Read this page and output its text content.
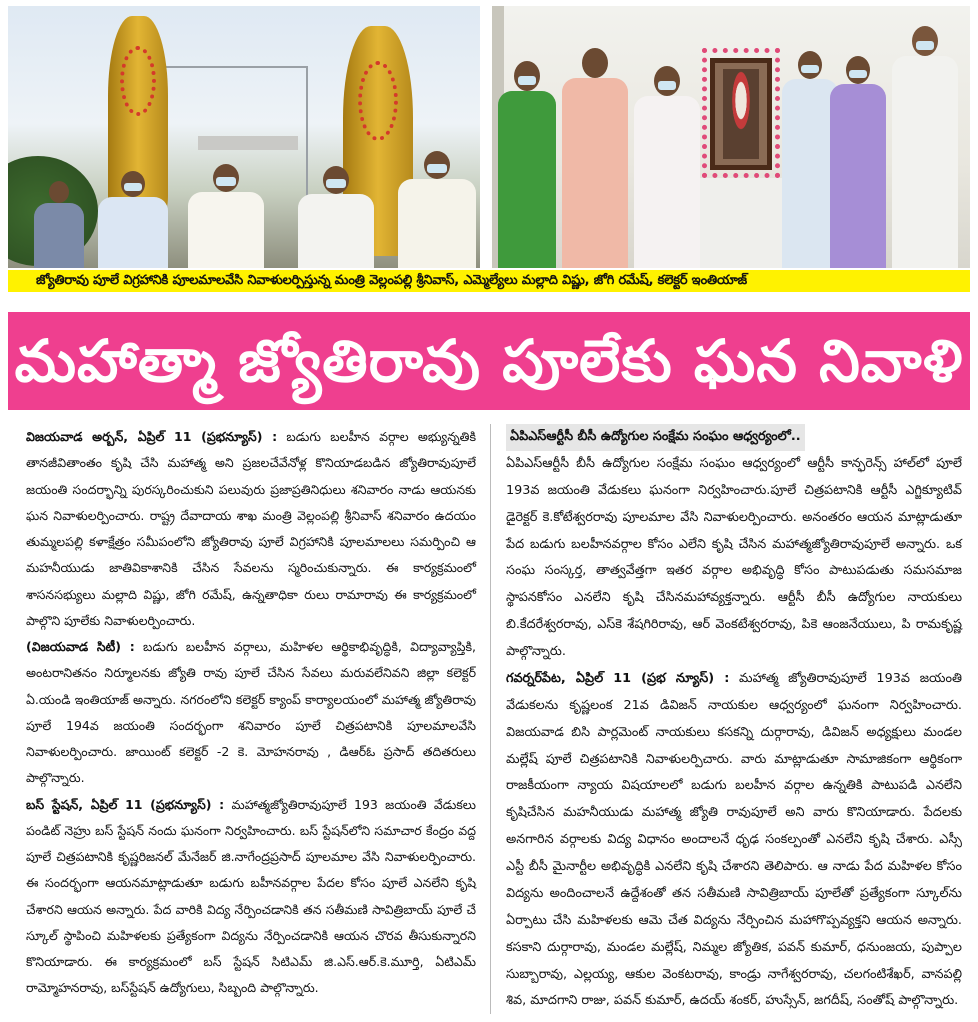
జ్యోతిరావు పూలే విగ్రహానికి పూలమాలవేసి నివాళులర్పిస్తున్న మంత్రి వెల్లంపల్లి శ్రీనివాస్, ఎమ్మెల్యేలు మల్లాది విష్ణు, జోగి రమేష్, కలెక్టర్ ఇంతియాజ్
మహాత్మా జ్యోతిరావు పూలేకు ఘన నివాళి

విజయవాడ అర్బన్, ఏప్రిల్ 11 (ప్రభన్యూస్) : బడుగు బలహీన వర్గాల అభ్యున్నతికి తానజీవితాంతం కృషి చేసి మహాత్మ అని ప్రజలచేవేనోళ్ల కొనియాడబడిన జ్యోతిరావుపూలే జయంతి సందర్భాన్ని పురస్కరించుకుని పలువురు ప్రజాప్రతినిధులు శనివారం నాడు ఆయనకు ఘన నివాళులర్పించారు. రాష్ట్ర దేవాదాయ శాఖ మంత్రి వెల్లంపల్లి శ్రీనివాస్ శనివారం ఉదయం తుమ్మలపల్లి కళాక్షేత్రం సమీపంలోని జ్యోతిరావు పూలే విగ్రహానికి పూలమాలలు సమర్పించి ఆ మహనీయుడు జాతివికాశానికి చేసిన సేవలను స్మరించుకున్నారు. ఈ కార్యక్రమంలో శాసనసభ్యులు మల్లాది విష్ణు, జోగి రమేష్, ఉన్నతాధికా రులు రామారావు ఈ కార్యక్రమంలో పాల్గొని పూలేకు నివాళులర్పించారు.

(విజయవాడ సిటీ) : బడుగు బలహీన వర్గాలు, మహిళల ఆర్థికాభివృద్ధికి, విద్యావ్యాప్తికి, అంటరానితనం నిర్మూలనకు జ్యోతి రావు పూలే చేసిన సేవలు మరువలేనివని జిల్లా కలెక్టర్ ఏ.యండి ఇంతియాజ్ అన్నారు. నగరంలోని కలెక్టర్ క్యాంప్ కార్యాలయంలో మహాత్మ జ్యోతిరావు పూలే 194వ జయంతి సందర్భంగా శనివారం పూలే చిత్రపటానికి పూలమాలవేసి నివాళులర్పించారు. జాయింట్ కలెక్టర్ -2 కె. మోహనరావు , డిఆర్ఓ ప్రసాద్ తదితరులు పాల్గొన్నారు.

బస్ స్టేషన్, ఏప్రిల్ 11 (ప్రభన్యూస్) : మహాత్మజ్యోతిరావుపూలే 193 జయంతి వేడుకలు పండిట్ నెహ్రు బస్ స్టేషన్ నందు ఘనంగా నిర్వహించారు. బస్ స్టేషన్‌లోని సమాచార కేంద్రం వద్ద పూలే చిత్రపటానికి కృష్ణరిజనల్ మేనేజర్ జి.నాగేంద్రప్రసాద్ పూలమాల వేసి నివాళులర్పించారు. ఈ సందర్భంగా ఆయనమాట్లాడుతూ బడుగు బహీనవర్గాల పేదల కోసం పూలే ఎనలేని కృషి చేశారని ఆయన అన్నారు. పేద వారికి విద్య నేర్పించడానికి తన సతీమణి సావిత్రిబాయ్ పూలే చే స్కూల్ స్థాపించి మహిళలకు ప్రత్యేకంగా విద్యను నేర్పించడానికి ఆయన చొరవ తీసుకున్నారని కొనియాడారు. ఈ కార్యక్రమంలో బస్ స్టేషన్ సిటిఎమ్ జి.ఎస్.ఆర్.కె.మూర్తి, ఏటిఎమ్ రామ్మోహనరావు, బస్‌స్టేషన్ ఉద్యోగులు, సిబ్బంది పాల్గొన్నారు.

ఏపిఎస్ఆర్టీసీ బీసీ ఉద్యోగుల సంక్షేమ సంఘం ఆధ్వర్యంలో..

ఏపిఎస్ఆర్టీసీ బీసీ ఉద్యోగుల సంక్షేమ సంఘం ఆధ్వర్యంలో ఆర్టీసీ కాన్ఫరెన్స్ హాల్‌లో పూలే 193వ జయంతి వేడుకలు ఘనంగా నిర్వహించారు.పూలే చిత్రపటానికి ఆర్టీసీ ఎగ్జిక్యూటివ్ డైరెక్టర్ కె.కోటేశ్వరరావు పూలమాల వేసి నివాళులర్పించారు. అనంతరం ఆయన మాట్లాడుతూ పేద బడుగు బలహీనవర్గాల కోసం ఎలేని కృషి చేసిన మహాత్మజ్యోతిరావుపూలే అన్నారు. ఒక సంఘ సంస్కర్త, తాత్వవేత్తగా ఇతర వర్గాల అభివృద్ధి కోసం పాటుపడుతు సమసమాజ స్థాపనకోసం ఎనలేని కృషి చేసినమహావ్యక్తన్నారు. ఆర్టీసీ బీసీ ఉద్యోగుల నాయకులు బి.కేదరేశ్వరరావు, ఎస్‌కె శేషగిరిరావు, ఆర్ వెంకటేశ్వరరావు, పికె ఆంజనేయులు, పి రామకృష్ణ పాల్గొన్నారు.

గవర్నర్‌పేట, ఏప్రిల్ 11 (ప్రభ న్యూస్) : మహాత్మ జ్యోతిరావుపూలే 193వ జయంతి వేడుకలను కృష్ణలంక 21వ డివిజన్ నాయకుల ఆధ్వర్యంలో ఘనంగా నిర్వహించారు. విజయవాడ బిసి పార్లమెంట్ నాయకులు కసకన్ని దుర్గారావు, డివిజన్ అధ్యక్షులు మండల మల్లేష్ పూలే చిత్రపటానికి నివాళులర్పిచారు. వారు మాట్లాడుతూ సామాజికంగా ఆర్థికంగా రాజకీయంగా న్యాయ విషయాలలో బడుగు బలహీన వర్గాల ఉన్నతికి పాటుపడి ఎనలేని కృషిచేసిన మహనీయుడు మహాత్మ జ్యోతి రావుపూలే అని వారు కొనియాడారు. పేదలకు అనగారిన వర్గాలకు విద్య విధానం అందాలనే ధృఢ సంకల్పంతో ఎనలేని కృషి చేశారు. ఎస్సీ ఎస్టీ బీసీ మైనార్టీల అభివృద్ధికి ఎనలేని కృషి చేశారని తెలిపారు. ఆ నాడు పేద మహిళల కోసం విద్యను అందించాలనే ఉద్దేశంతో తన సతీమణి సావిత్రిబాయ్ పూలేతో ప్రత్యేకంగా స్కూల్‌ను ఏర్పాటు చేసి మహిళలకు ఆమె చేత విద్యను నేర్పించిన మహాగొప్పవ్యక్తని ఆయన అన్నారు. కసకాని దుర్గారావు, మండల మల్లేష్, నిమ్మల జ్యోతిక, పవన్ కుమార్, ధనుంజయ, పుప్పాల సుబ్బారావు, ఎల్లయ్య, ఆకుల వెంకటరావు, కాండ్రు నాగేశ్వరరావు, చలగంటిశేఖర్, వానపల్లి శివ, మాదగాని రాజు, పవన్ కుమార్, ఉదయ్ శంకర్, హుస్సేన్, జగదీష్, సంతోష్ పాల్గొన్నారు.
